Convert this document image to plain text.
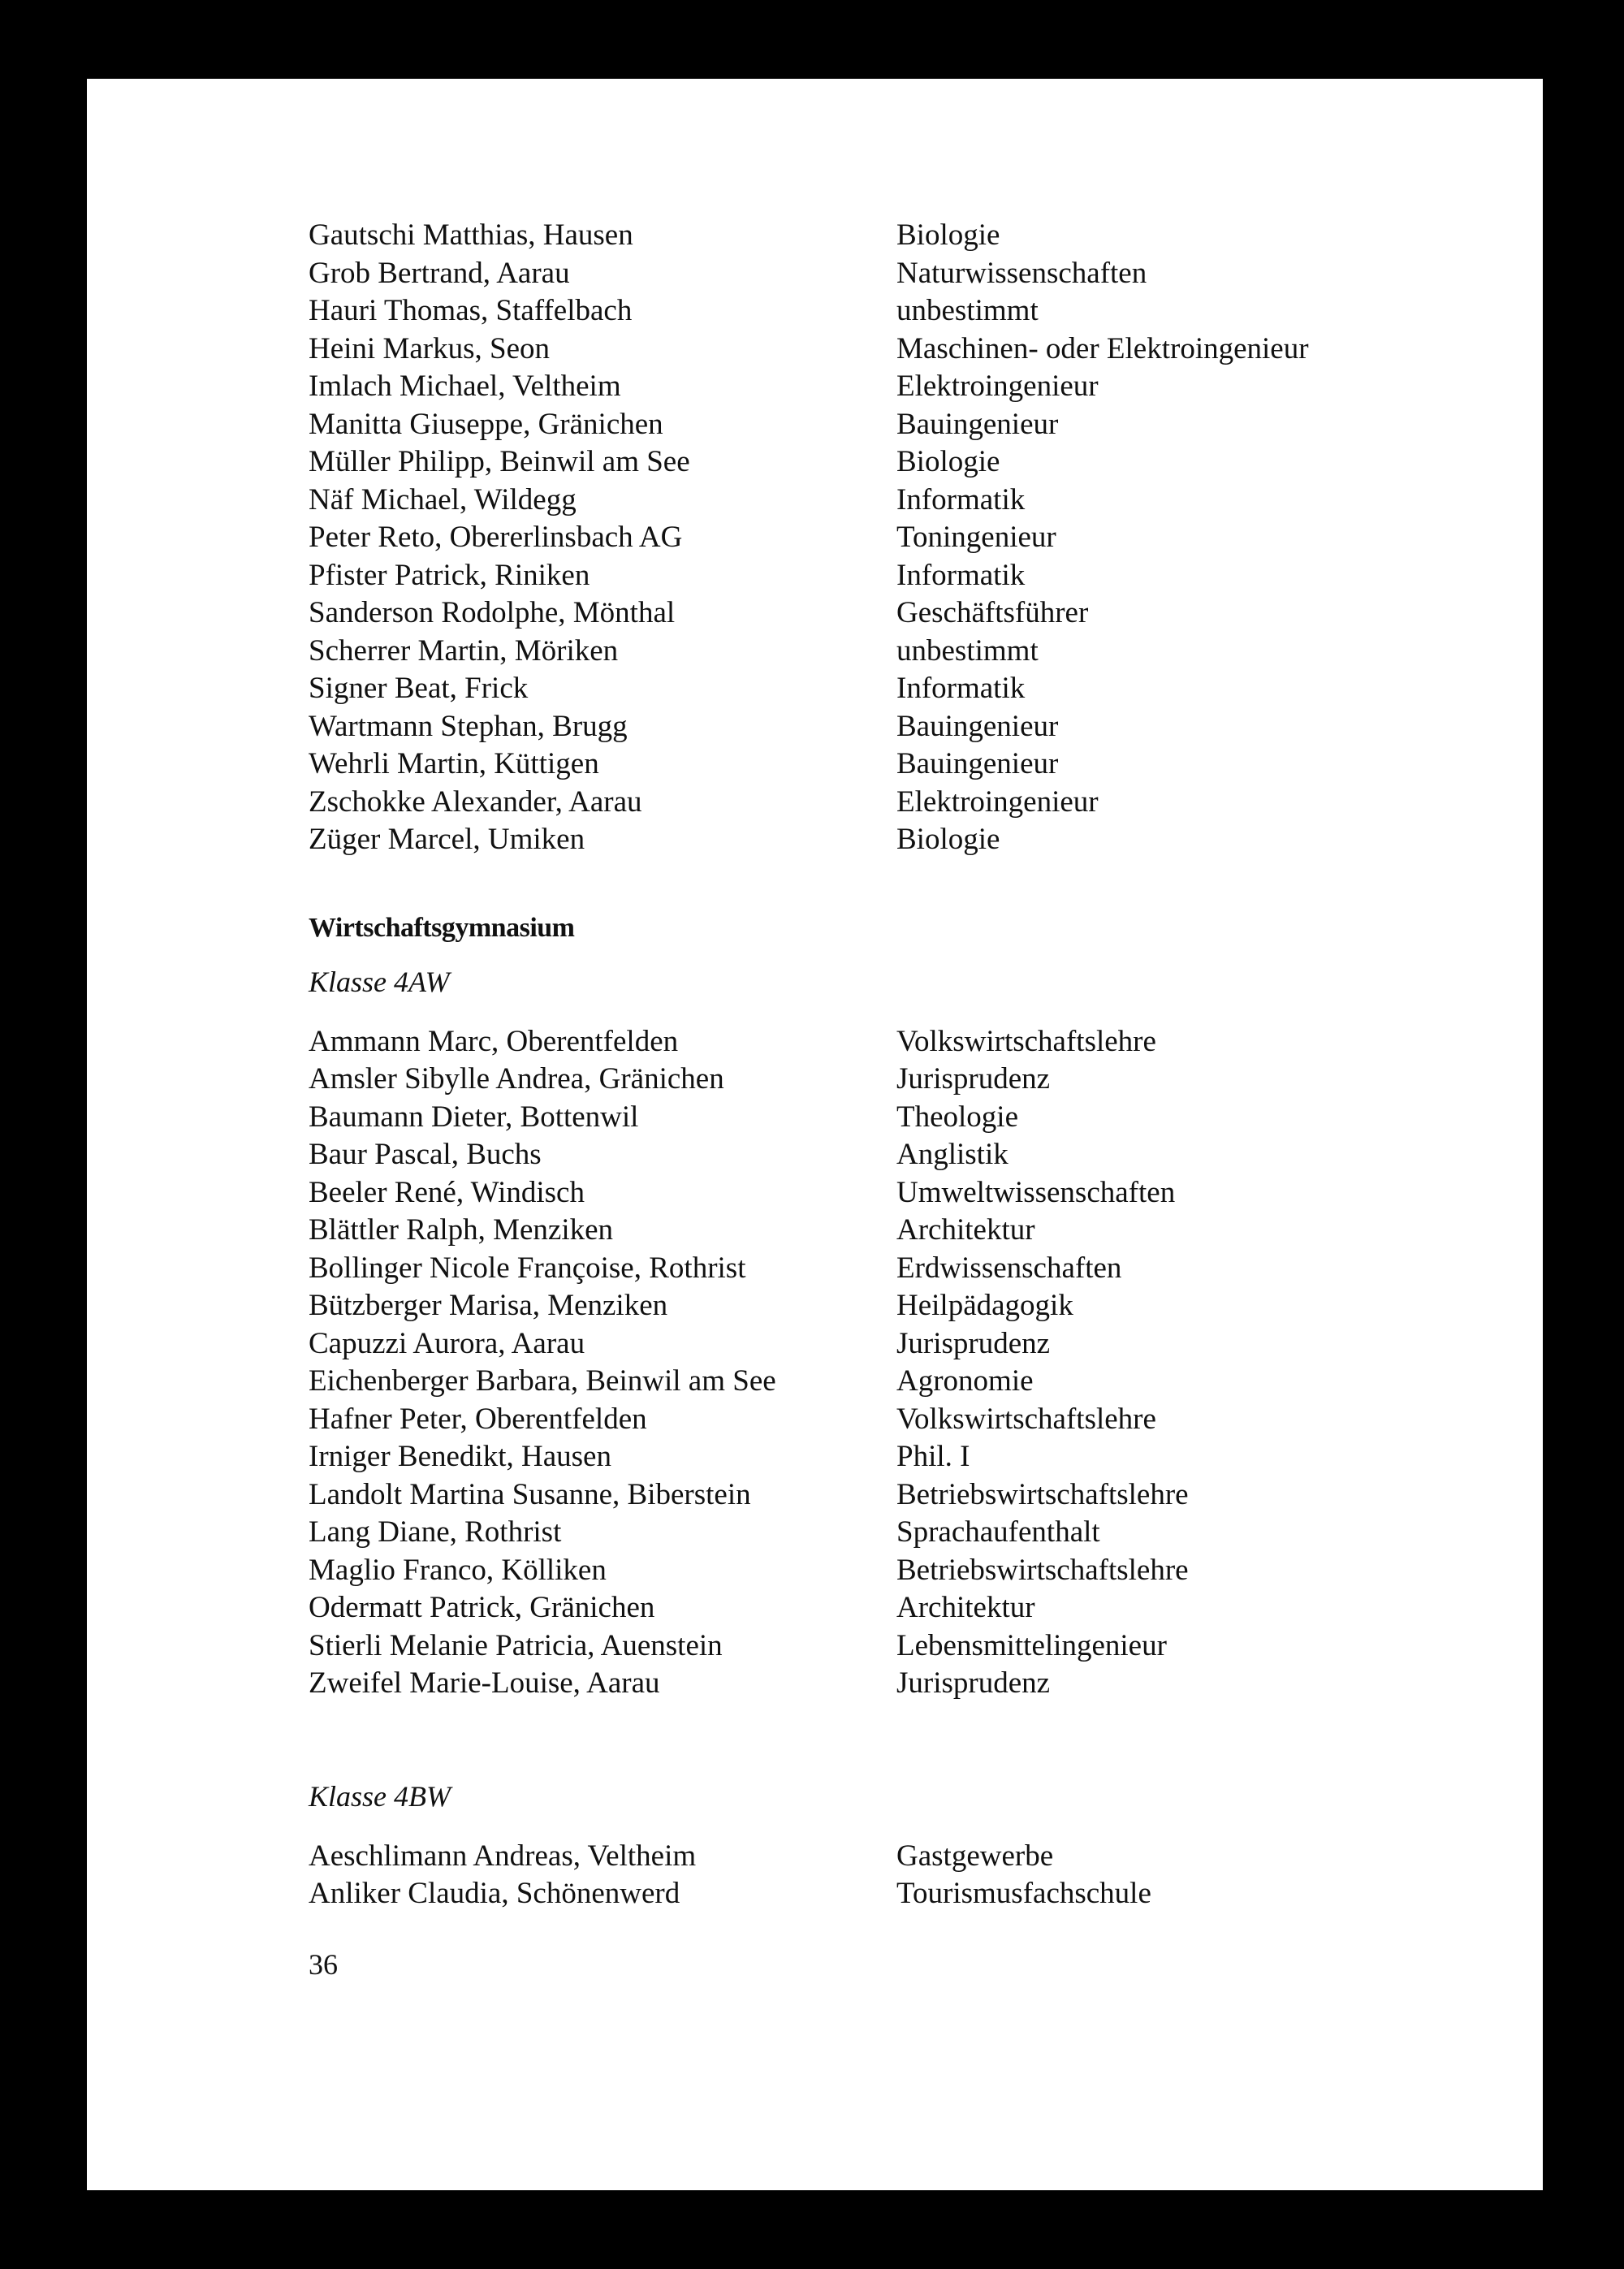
Gautschi Matthias, Hausen	Biologie
Grob Bertrand, Aarau	Naturwissenschaften
Hauri Thomas, Staffelbach	unbestimmt
Heini Markus, Seon	Maschinen- oder Elektroingenieur
Imlach Michael, Veltheim	Elektroingenieur
Manitta Giuseppe, Gränichen	Bauingenieur
Müller Philipp, Beinwil am See	Biologie
Näf Michael, Wildegg	Informatik
Peter Reto, Obererlinsbach AG	Toningenieur
Pfister Patrick, Riniken	Informatik
Sanderson Rodolphe, Mönthal	Geschäftsführer
Scherrer Martin, Möriken	unbestimmt
Signer Beat, Frick	Informatik
Wartmann Stephan, Brugg	Bauingenieur
Wehrli Martin, Küttigen	Bauingenieur
Zschokke Alexander, Aarau	Elektroingenieur
Züger Marcel, Umiken	Biologie
Wirtschaftsgymnasium
Klasse 4AW
Ammann Marc, Oberentfelden	Volkswirtschaftslehre
Amsler Sibylle Andrea, Gränichen	Jurisprudenz
Baumann Dieter, Bottenwil	Theologie
Baur Pascal, Buchs	Anglistik
Beeler René, Windisch	Umweltwissenschaften
Blättler Ralph, Menziken	Architektur
Bollinger Nicole Françoise, Rothrist	Erdwissenschaften
Bützberger Marisa, Menziken	Heilpädagogik
Capuzzi Aurora, Aarau	Jurisprudenz
Eichenberger Barbara, Beinwil am See	Agronomie
Hafner Peter, Oberentfelden	Volkswirtschaftslehre
Irniger Benedikt, Hausen	Phil. I
Landolt Martina Susanne, Biberstein	Betriebswirtschaftslehre
Lang Diane, Rothrist	Sprachaufenthalt
Maglio Franco, Kölliken	Betriebswirtschaftslehre
Odermatt Patrick, Gränichen	Architektur
Stierli Melanie Patricia, Auenstein	Lebensmittelingenieur
Zweifel Marie-Louise, Aarau	Jurisprudenz
Klasse 4BW
Aeschlimann Andreas, Veltheim	Gastgewerbe
Anliker Claudia, Schönenwerd	Tourismusfachschule
36
